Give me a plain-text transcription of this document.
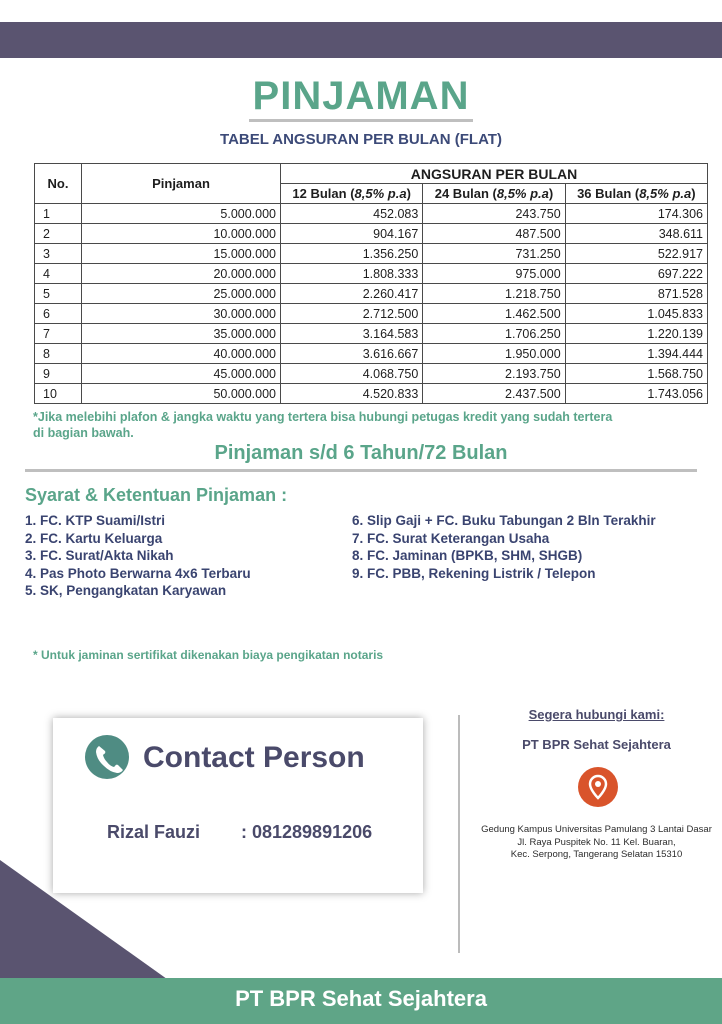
PINJAMAN
TABEL ANGSURAN PER BULAN (FLAT)
No.	Pinjaman	ANGSURAN PER BULAN		
		12 Bulan (8,5% p.a)	24 Bulan (8,5% p.a)	36 Bulan (8,5% p.a)
1	5.000.000	452.083	243.750	174.306
2	10.000.000	904.167	487.500	348.611
3	15.000.000	1.356.250	731.250	522.917
4	20.000.000	1.808.333	975.000	697.222
5	25.000.000	2.260.417	1.218.750	871.528
6	30.000.000	2.712.500	1.462.500	1.045.833
7	35.000.000	3.164.583	1.706.250	1.220.139
8	40.000.000	3.616.667	1.950.000	1.394.444
9	45.000.000	4.068.750	2.193.750	1.568.750
10	50.000.000	4.520.833	2.437.500	1.743.056
*Jika melebihi plafon & jangka waktu yang tertera bisa hubungi petugas kredit yang sudah tertera di bagian bawah.
Pinjaman s/d 6 Tahun/72 Bulan
Syarat & Ketentuan Pinjaman :
1. FC. KTP Suami/Istri
2. FC. Kartu Keluarga
3. FC. Surat/Akta Nikah
4. Pas Photo Berwarna 4x6 Terbaru
5. SK, Pengangkatan Karyawan
6. Slip Gaji + FC. Buku Tabungan 2 Bln Terakhir
7. FC. Surat Keterangan Usaha
8. FC. Jaminan (BPKB, SHM, SHGB)
9. FC. PBB, Rekening Listrik / Telepon
* Untuk jaminan sertifikat dikenakan biaya pengikatan notaris
Contact Person
Rizal Fauzi : 081289891206
Segera hubungi kami:
PT BPR Sehat Sejahtera
Gedung Kampus Universitas Pamulang 3 Lantai Dasar
Jl. Raya Puspitek No. 11 Kel. Buaran,
Kec. Serpong, Tangerang Selatan 15310
PT BPR Sehat Sejahtera
